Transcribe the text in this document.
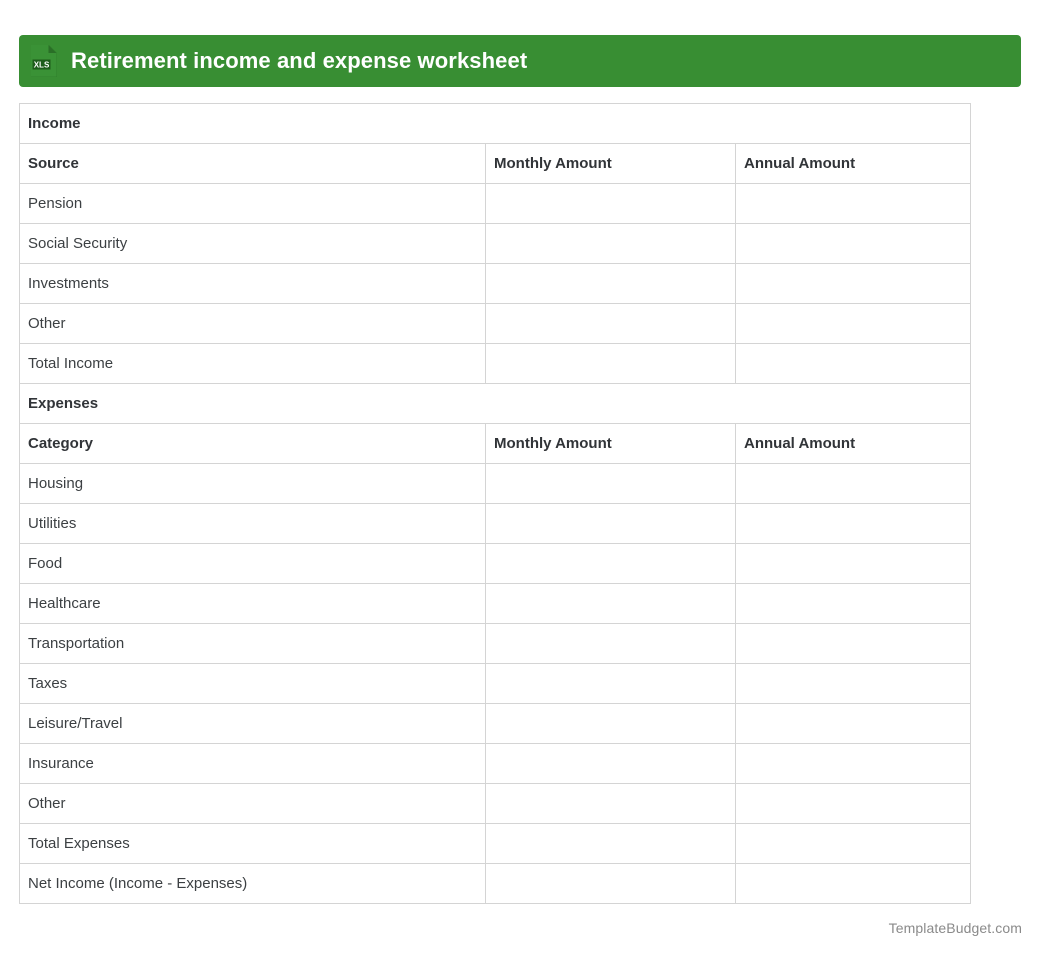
XLS Retirement income and expense worksheet
Income		
Source	Monthly Amount	Annual Amount
Pension		
Social Security		
Investments		
Other		
Total Income		
Expenses		
Category	Monthly Amount	Annual Amount
Housing		
Utilities		
Food		
Healthcare		
Transportation		
Taxes		
Leisure/Travel		
Insurance		
Other		
Total Expenses		
Net Income (Income - Expenses)		
TemplateBudget.com
